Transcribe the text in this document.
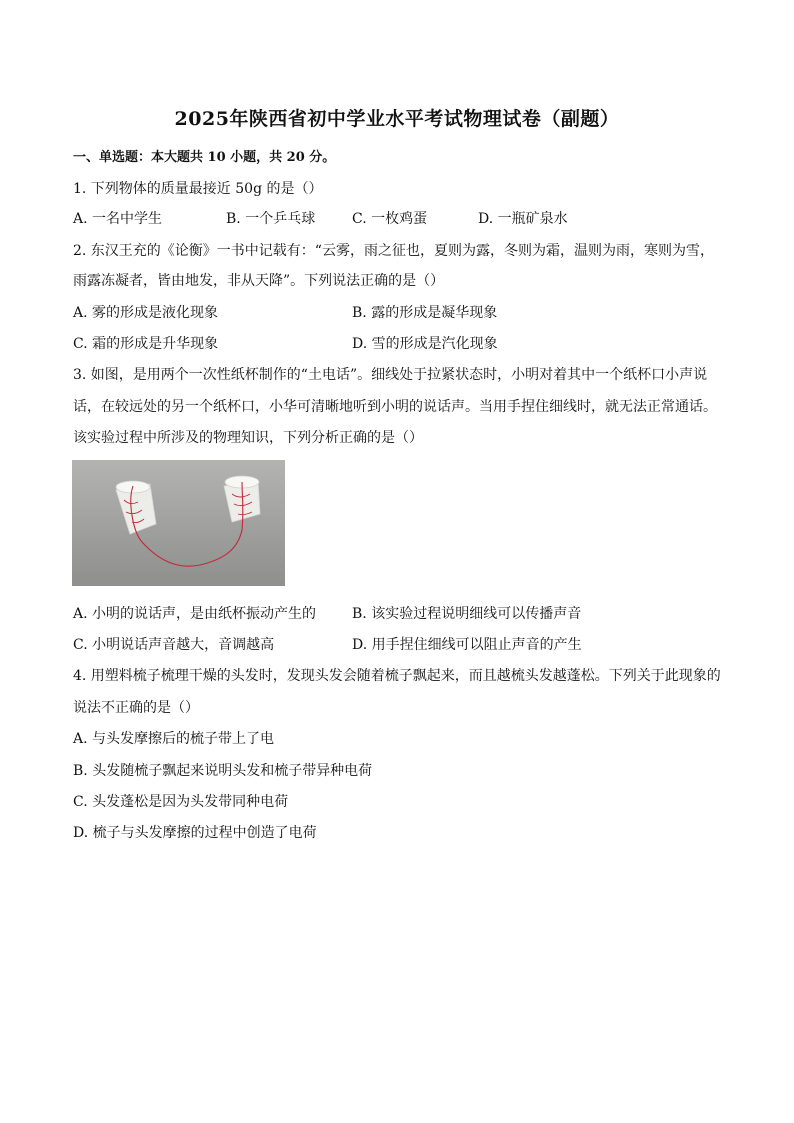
2025年陕西省初中学业水平考试物理试卷（副题）
一、单选题：本大题共 10 小题，共 20 分。
1. 下列物体的质量最接近 50g 的是（）
A. 一名中学生	B. 一个乒乓球	C. 一枚鸡蛋	D. 一瓶矿泉水
2. 东汉王充的《论衡》一书中记载有：“云雾，雨之征也，夏则为露，冬则为霜，温则为雨，寒则为雪，
雨露冻凝者，皆由地发，非从天降”。下列说法正确的是（）
A. 雾的形成是液化现象	B. 露的形成是凝华现象
C. 霜的形成是升华现象	D. 雪的形成是汽化现象
3. 如图，是用两个一次性纸杯制作的“土电话”。细线处于拉紧状态时，小明对着其中一个纸杯口小声说
话，在较远处的另一个纸杯口，小华可清晰地听到小明的说话声。当用手捏住细线时，就无法正常通话。
该实验过程中所涉及的物理知识，下列分析正确的是（）
A. 小明的说话声，是由纸杯振动产生的	B. 该实验过程说明细线可以传播声音
C. 小明说话声音越大，音调越高	D. 用手捏住细线可以阻止声音的产生
4. 用塑料梳子梳理干燥的头发时，发现头发会随着梳子飘起来，而且越梳头发越蓬松。下列关于此现象的
说法不正确的是（）
A. 与头发摩擦后的梳子带上了电
B. 头发随梳子飘起来说明头发和梳子带异种电荷
C. 头发蓬松是因为头发带同种电荷
D. 梳子与头发摩擦的过程中创造了电荷
